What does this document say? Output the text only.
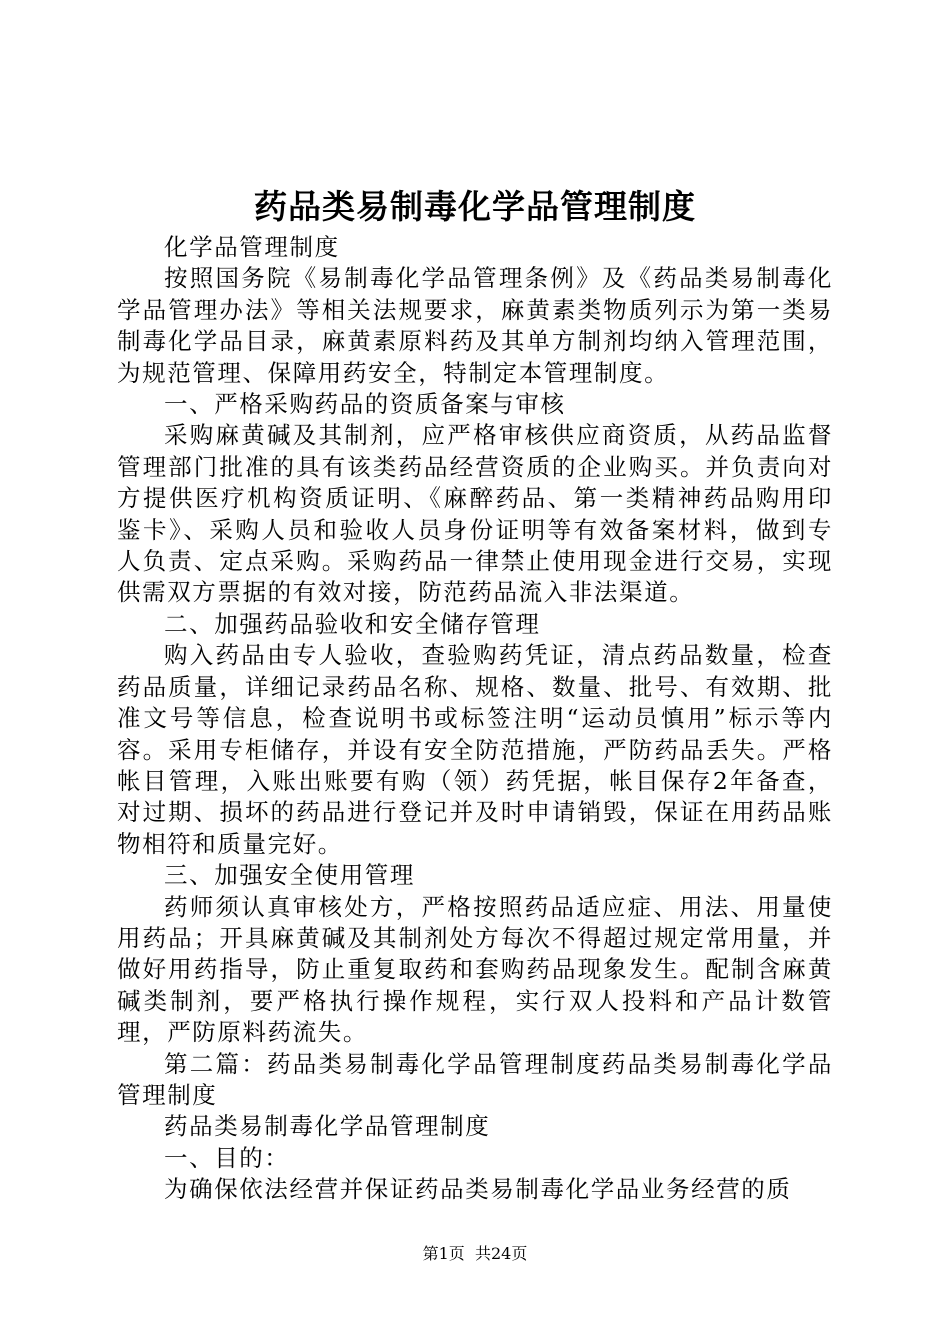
药品类易制毒化学品管理制度

化学品管理制度

按照国务院《易制毒化学品管理条例》及《药品类易制毒化学品管理办法》等相关法规要求，麻黄素类物质列示为第一类易制毒化学品目录，麻黄素原料药及其单方制剂均纳入管理范围，为规范管理、保障用药安全，特制定本管理制度。

一、严格采购药品的资质备案与审核

采购麻黄碱及其制剂，应严格审核供应商资质，从药品监督管理部门批准的具有该类药品经营资质的企业购买。并负责向对方提供医疗机构资质证明、《麻醉药品、第一类精神药品购用印鉴卡》、采购人员和验收人员身份证明等有效备案材料，做到专人负责、定点采购。采购药品一律禁止使用现金进行交易，实现供需双方票据的有效对接，防范药品流入非法渠道。

二、加强药品验收和安全储存管理

购入药品由专人验收，查验购药凭证，清点药品数量，检查药品质量，详细记录药品名称、规格、数量、批号、有效期、批准文号等信息，检查说明书或标签注明“运动员慎用”标示等内容。采用专柜储存，并设有安全防范措施，严防药品丢失。严格帐目管理，入账出账要有购（领）药凭据，帐目保存2年备查，对过期、损坏的药品进行登记并及时申请销毁，保证在用药品账物相符和质量完好。

三、加强安全使用管理

药师须认真审核处方，严格按照药品适应症、用法、用量使用药品；开具麻黄碱及其制剂处方每次不得超过规定常用量，并做好用药指导，防止重复取药和套购药品现象发生。配制含麻黄碱类制剂，要严格执行操作规程，实行双人投料和产品计数管理，严防原料药流失。

第二篇：药品类易制毒化学品管理制度药品类易制毒化学品管理制度

药品类易制毒化学品管理制度

一、目的：

为确保依法经营并保证药品类易制毒化学品业务经营的质

第1页 共24页
